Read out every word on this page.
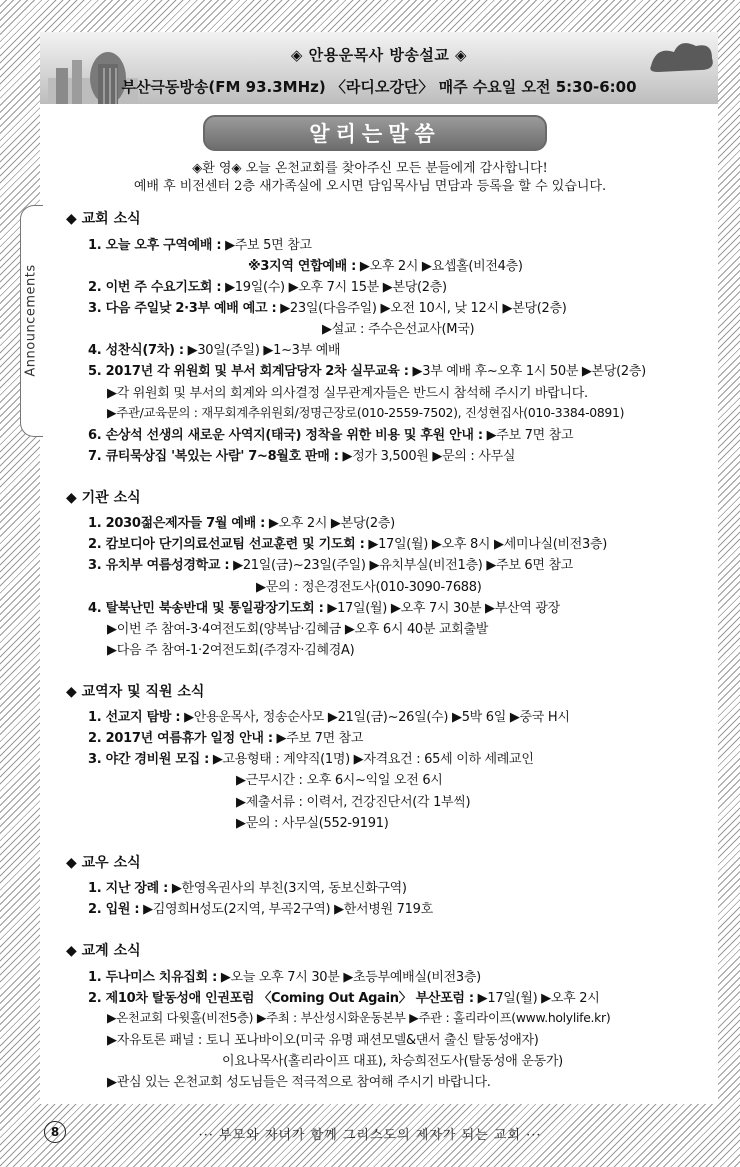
◈ 안용운목사 방송설교 ◈
부산극동방송(FM 93.3MHz) 〈라디오강단〉 매주 수요일 오전 5:30-6:00
Announcements
알리는말씀
◈환 영◈ 오늘 온천교회를 찾아주신 모든 분들에게 감사합니다!
예배 후 비전센터 2층 새가족실에 오시면 담임목사님 면담과 등록을 할 수 있습니다.
◆ 교회 소식
1. 오늘 오후 구역예배 : ▶주보 5면 참고
※3지역 연합예배 : ▶오후 2시 ▶요셉홀(비전4층)
2. 이번 주 수요기도회 : ▶19일(수) ▶오후 7시 15분 ▶본당(2층)
3. 다음 주일낮 2·3부 예배 예고 : ▶23일(다음주일) ▶오전 10시, 낮 12시 ▶본당(2층)
▶설교 : 주수은선교사(M국)
4. 성찬식(7차) : ▶30일(주일) ▶1~3부 예배
5. 2017년 각 위원회 및 부서 회계담당자 2차 실무교육 : ▶3부 예배 후~오후 1시 50분 ▶본당(2층)
▶각 위원회 및 부서의 회계와 의사결정 실무관계자들은 반드시 참석해 주시기 바랍니다.
▶주관/교육문의 : 재무회계추위원회/정명근장로(010-2559-7502), 진성현집사(010-3384-0891)
6. 손상석 선생의 새로운 사역지(태국) 정착을 위한 비용 및 후원 안내 : ▶주보 7면 참고
7. 큐티묵상집 '복있는 사람' 7~8월호 판매 : ▶정가 3,500원 ▶문의 : 사무실
◆ 기관 소식
1. 2030젊은제자들 7월 예배 : ▶오후 2시 ▶본당(2층)
2. 캄보디아 단기의료선교팀 선교훈련 및 기도회 : ▶17일(월) ▶오후 8시 ▶세미나실(비전3층)
3. 유치부 여름성경학교 : ▶21일(금)~23일(주일) ▶유치부실(비전1층) ▶주보 6면 참고
▶문의 : 정은경전도사(010-3090-7688)
4. 탈북난민 북송반대 및 통일광장기도회 : ▶17일(월) ▶오후 7시 30분 ▶부산역 광장
▶이번 주 참여-3·4여전도회(양복남·김혜금 ▶오후 6시 40분 교회출발
▶다음 주 참여-1·2여전도회(주경자·김혜경A)
◆ 교역자 및 직원 소식
1. 선교지 탐방 : ▶안용운목사, 정송순사모 ▶21일(금)~26일(수) ▶5박 6일 ▶중국 H시
2. 2017년 여름휴가 일정 안내 : ▶주보 7면 참고
3. 야간 경비원 모집 : ▶고용형태 : 계약직(1명) ▶자격요건 : 65세 이하 세례교인
▶근무시간 : 오후 6시~익일 오전 6시
▶제출서류 : 이력서, 건강진단서(각 1부씩)
▶문의 : 사무실(552-9191)
◆ 교우 소식
1. 지난 장례 : ▶한영옥권사의 부친(3지역, 동보신화구역)
2. 입원 : ▶김영희H성도(2지역, 부곡2구역) ▶한서병원 719호
◆ 교계 소식
1. 두나미스 치유집회 : ▶오늘 오후 7시 30분 ▶초등부예배실(비전3층)
2. 제10차 탈동성애 인권포럼 〈Coming Out Again〉 부산포럼 : ▶17일(월) ▶오후 2시
▶온천교회 다윗홀(비전5층) ▶주최 : 부산성시화운동본부 ▶주관 : 홀리라이프(www.holylife.kr)
▶자유토론 패널 : 토니 포나바이오(미국 유명 패션모델&댄서 출신 탈동성애자)
이요나목사(홀리라이프 대표), 차승희전도사(탈동성애 운동가)
▶관심 있는 온천교회 성도님들은 적극적으로 참여해 주시기 바랍니다.
8	··· 부모와 자녀가 함께 그리스도의 제자가 되는 교회 ···
